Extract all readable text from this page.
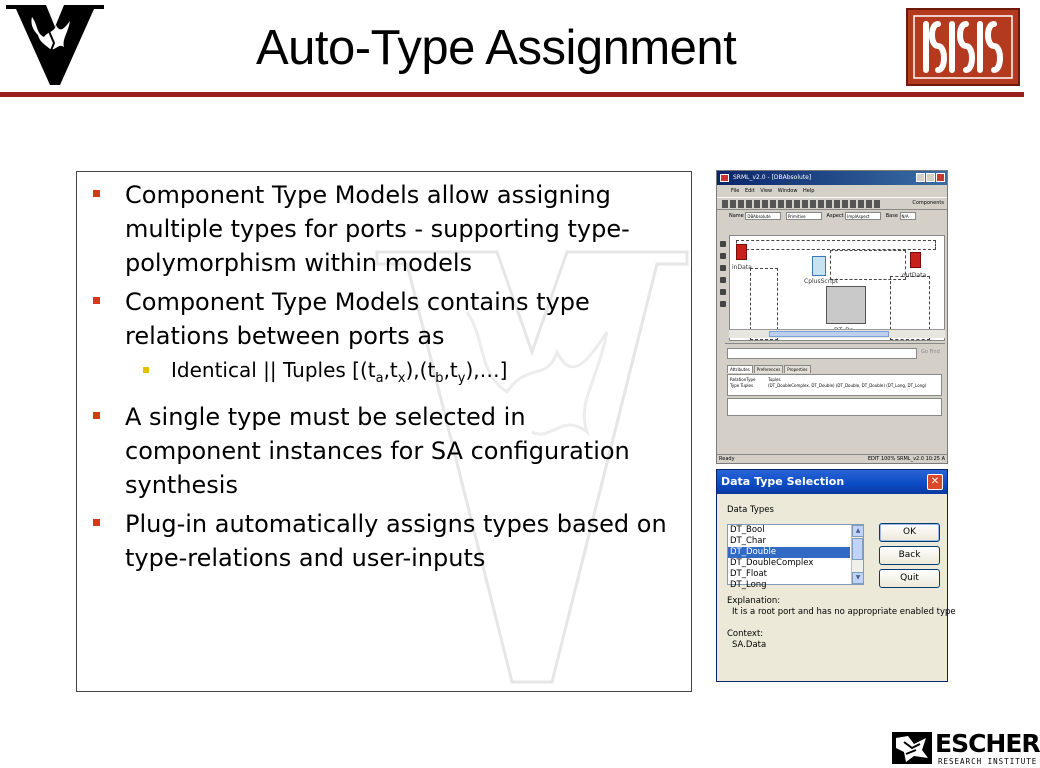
Auto-Type Assignment
Component Type Models allow assigning multiple types for ports - supporting type-polymorphism within models
Component Type Models contains type relations between ports as
Identical || Tuples $[(t_a,t_x),(t_b,t_y),\dots]$
A single type must be selected in component instances for SA configuration synthesis
Plug-in automatically assigns types based on type-relations and user-inputs
SRML_v2.0 - [DBAbsolute]
File Edit View Window Help
Components
Name DBAbsolute	Primitive	Aspect ImplAspect	Base N/A
inData
CplusScript
outData
Go Find
Attributes Preferences Properties
RelationType	Tuples
Type Tuples	(DT_DoubleComplex, DT_Double) (DT_Double, DT_Double) (DT_Long, DT_Long)
Ready	EDIT 100% SRML_v2.0 10:25 A
Data Type Selection	✕
Data Types
DT_Bool
DT_Char
DT_Double
DT_DoubleComplex
DT_Float
DT_Long
▲
▼
OK
Back
Quit
Explanation:
It is a root port and has no appropriate enabled type
Context:
SA.Data
ESCHER
RESEARCH INSTITUTE
